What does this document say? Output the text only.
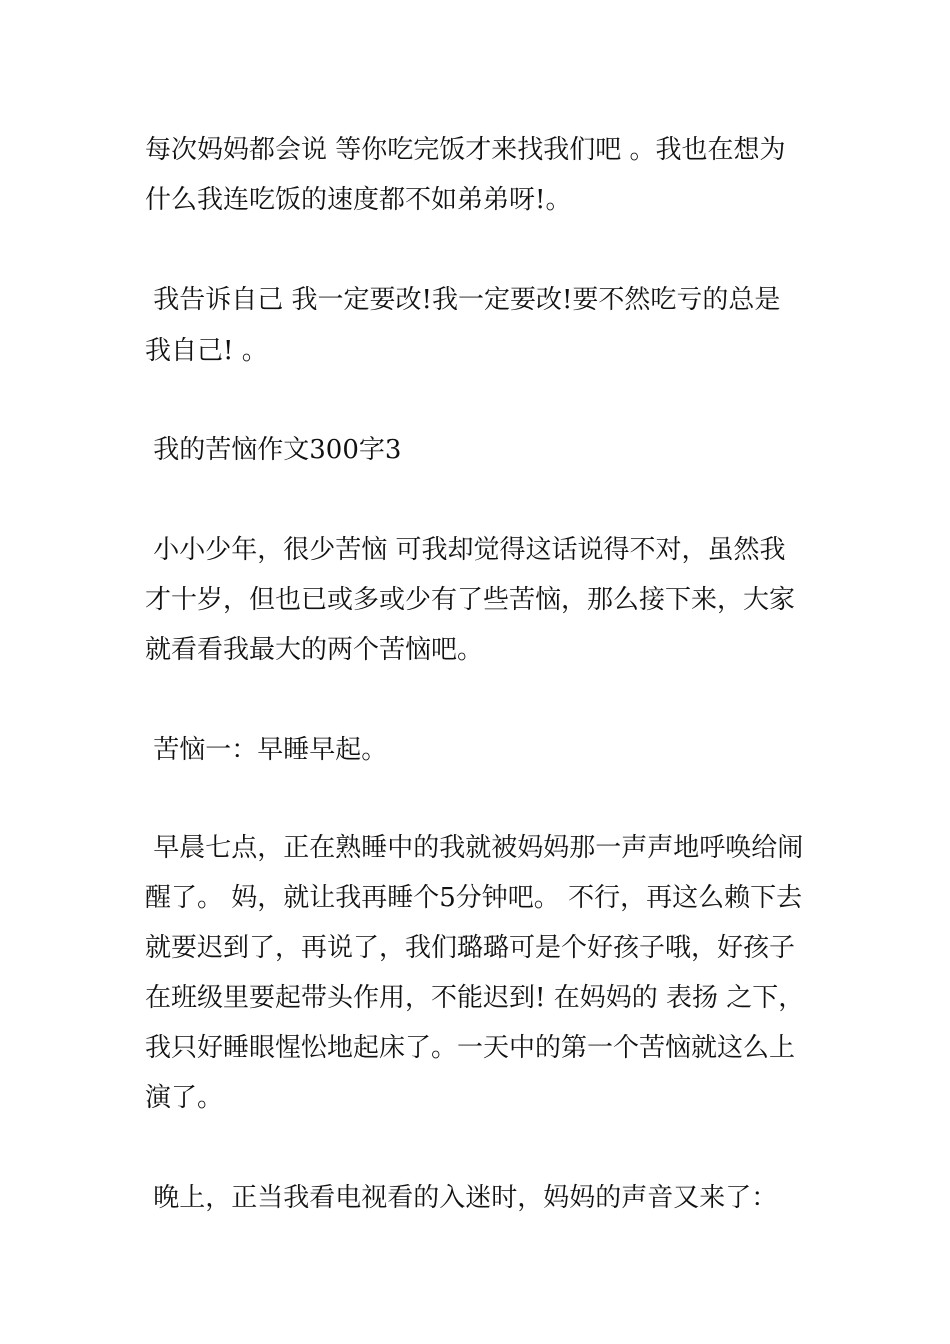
每次妈妈都会说 等你吃完饭才来找我们吧 。我也在想为

什么我连吃饭的速度都不如弟弟呀!。

我告诉自己 我一定要改!我一定要改!要不然吃亏的总是

我自己! 。

我的苦恼作文300字3

小小少年，很少苦恼 可我却觉得这话说得不对，虽然我

才十岁，但也已或多或少有了些苦恼，那么接下来，大家

就看看我最大的两个苦恼吧。

苦恼一：早睡早起。

早晨七点，正在熟睡中的我就被妈妈那一声声地呼唤给闹

醒了。 妈，就让我再睡个5分钟吧。 不行，再这么赖下去

就要迟到了，再说了，我们璐璐可是个好孩子哦，好孩子

在班级里要起带头作用，不能迟到! 在妈妈的 表扬 之下，

我只好睡眼惺忪地起床了。一天中的第一个苦恼就这么上

演了。

晚上，正当我看电视看的入迷时，妈妈的声音又来了：
